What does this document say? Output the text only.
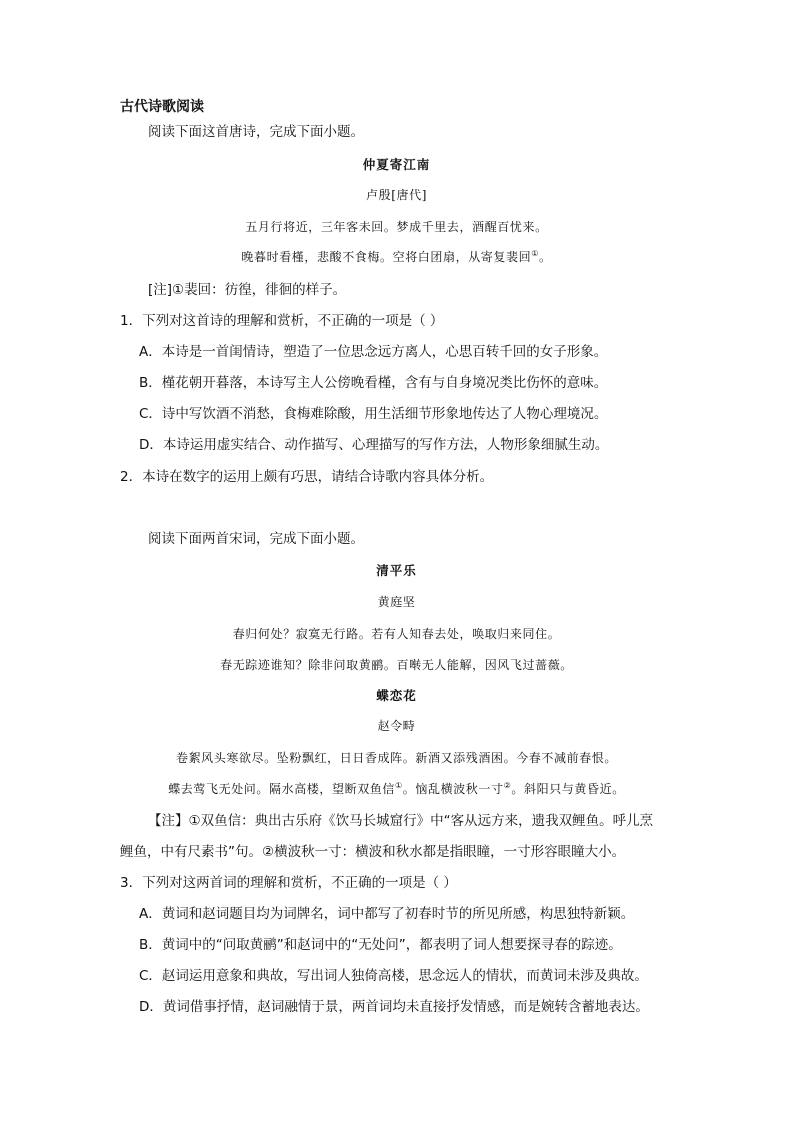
古代诗歌阅读
阅读下面这首唐诗，完成下面小题。
仲夏寄江南
卢殷[唐代]
五月行将近，三年客未回。梦成千里去，酒醒百忧来。
晚暮时看槿，悲酸不食梅。空将白团扇，从寄复裴回①。
[注]①裴回：彷徨，徘徊的样子。
1．下列对这首诗的理解和赏析，不正确的一项是（ ）
A．本诗是一首闺情诗，塑造了一位思念远方离人，心思百转千回的女子形象。
B．槿花朝开暮落，本诗写主人公傍晚看槿，含有与自身境况类比伤怀的意味。
C．诗中写饮酒不消愁，食梅难除酸，用生活细节形象地传达了人物心理境况。
D．本诗运用虚实结合、动作描写、心理描写的写作方法，人物形象细腻生动。
2．本诗在数字的运用上颇有巧思，请结合诗歌内容具体分析。
阅读下面两首宋词，完成下面小题。
清平乐
黄庭坚
春归何处？寂寞无行路。若有人知春去处，唤取归来同住。
春无踪迹谁知？除非问取黄鹂。百啭无人能解，因风飞过蔷薇。
蝶恋花
赵令畤
卷絮风头寒欲尽。坠粉飘红，日日香成阵。新酒又添残酒困。今春不减前春恨。
蝶去莺飞无处问。隔水高楼，望断双鱼信①。恼乱横波秋一寸②。斜阳只与黄昏近。
【注】①双鱼信：典出古乐府《饮马长城窟行》中“客从远方来，遗我双鲤鱼。呼儿烹
鲤鱼，中有尺素书”句。②横波秋一寸：横波和秋水都是指眼瞳，一寸形容眼瞳大小。
3．下列对这两首词的理解和赏析，不正确的一项是（ ）
A．黄词和赵词题目均为词牌名，词中都写了初春时节的所见所感，构思独特新颖。
B．黄词中的“问取黄鹂”和赵词中的“无处问”，都表明了词人想要探寻春的踪迹。
C．赵词运用意象和典故，写出词人独倚高楼，思念远人的情状，而黄词未涉及典故。
D．黄词借事抒情，赵词融情于景，两首词均未直接抒发情感，而是婉转含蓄地表达。
